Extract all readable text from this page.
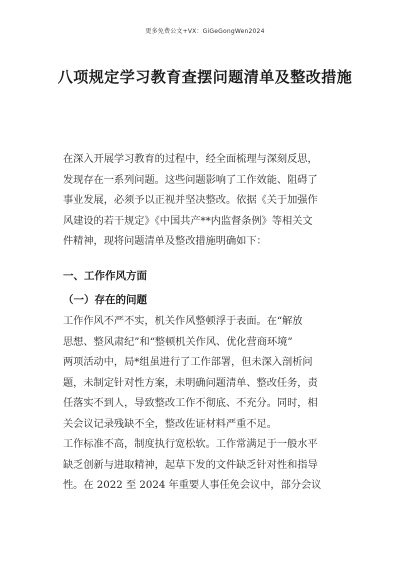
更多免费公文+VX：GiGeGongWen2024
八项规定学习教育查摆问题清单及整改措施
在深入开展学习教育的过程中，经全面梳理与深刻反思，
发现存在一系列问题。这些问题影响了工作效能、阻碍了
事业发展，必须予以正视并坚决整改。依据《关于加强作
风建设的若干规定》《中国共产**内监督条例》等相关文
件精神，现将问题清单及整改措施明确如下：
一、工作作风方面
（一）存在的问题
工作作风不严不实，机关作风整顿浮于表面。在“解放
思想、整风肃纪”和“整顿机关作风、优化营商环境”
两项活动中，局*组虽进行了工作部署，但未深入剖析问
题，未制定针对性方案，未明确问题清单、整改任务，责
任落实不到人，导致整改工作不彻底、不充分。同时，相
关会议记录残缺不全，整改佐证材料严重不足。
工作标准不高，制度执行宽松软。工作常满足于一般水平
缺乏创新与进取精神，起草下发的文件缺乏针对性和指导
性。在 2022 至 2024 年重要人事任免会议中，部分会议
